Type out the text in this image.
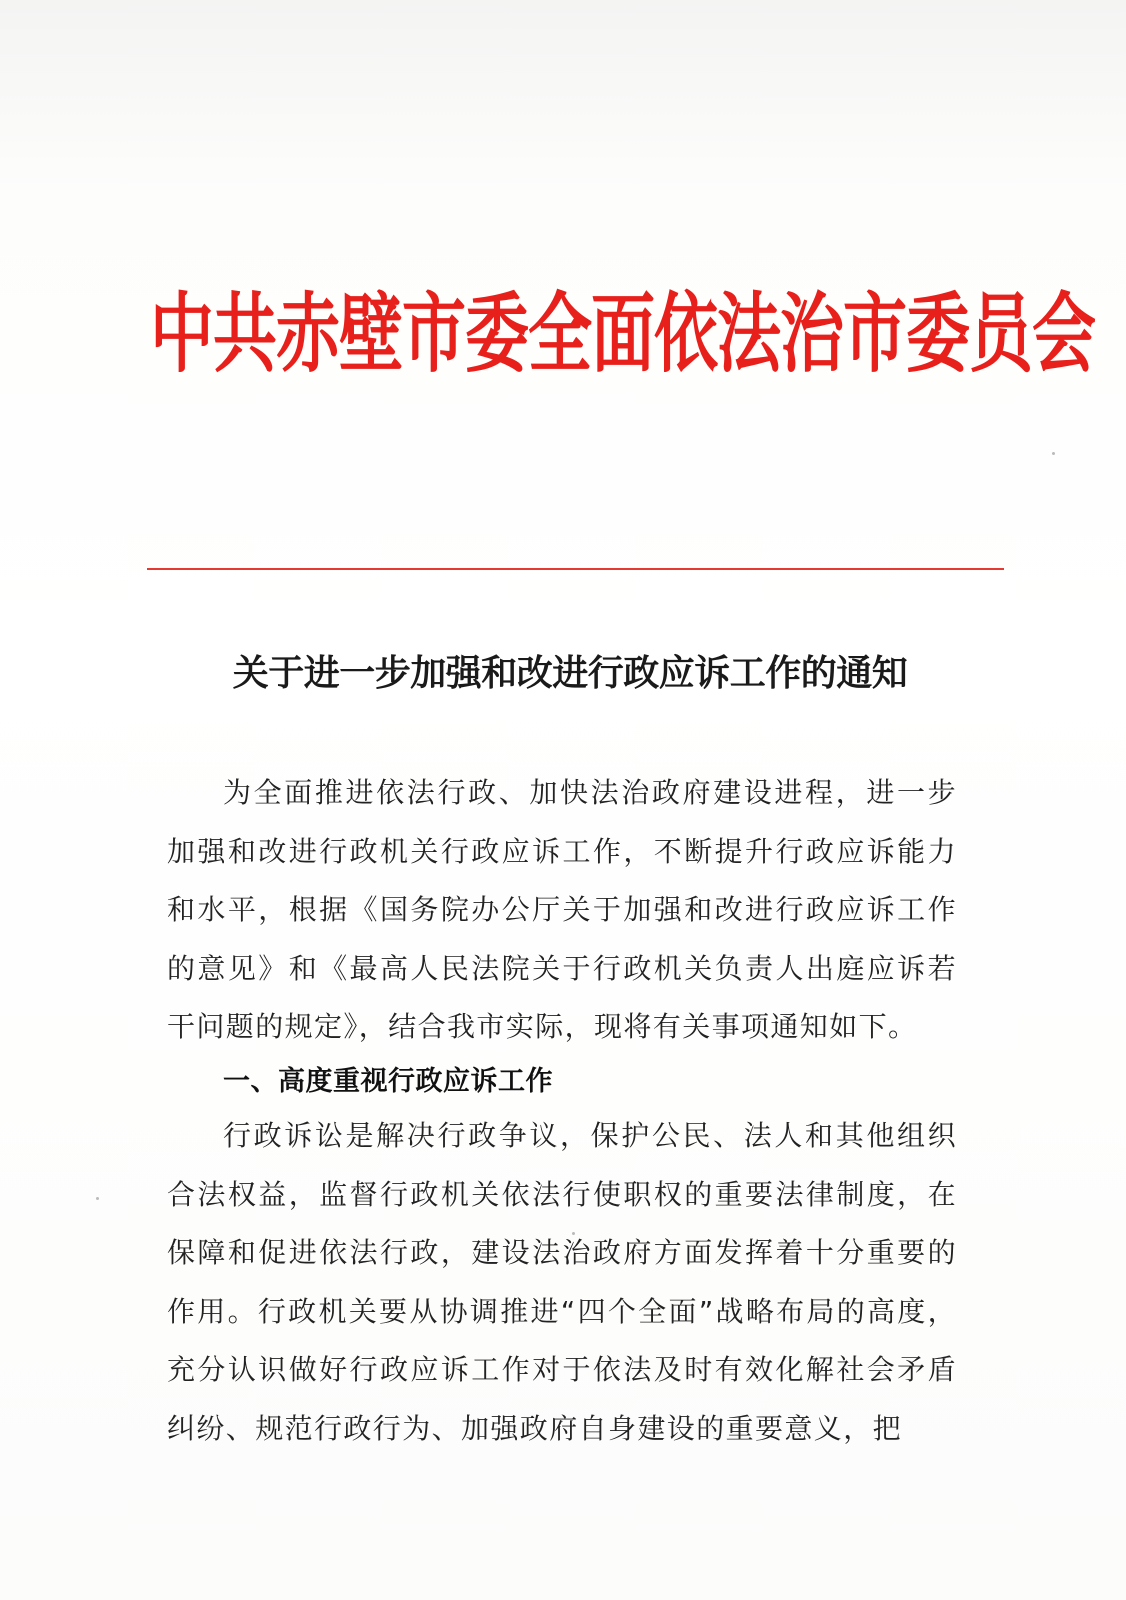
中共赤壁市委全面依法治市委员会
关于进一步加强和改进行政应诉工作的通知

为全面推进依法行政、加快法治政府建设进程，进一步加强和改进行政机关行政应诉工作，不断提升行政应诉能力和水平，根据《国务院办公厅关于加强和改进行政应诉工作的意见》和《最高人民法院关于行政机关负责人出庭应诉若干问题的规定》，结合我市实际，现将有关事项通知如下。

一、高度重视行政应诉工作

行政诉讼是解决行政争议，保护公民、法人和其他组织合法权益，监督行政机关依法行使职权的重要法律制度，在保障和促进依法行政，建设法治政府方面发挥着十分重要的作用。行政机关要从协调推进“四个全面”战略布局的高度，充分认识做好行政应诉工作对于依法及时有效化解社会矛盾纠纷、规范行政行为、加强政府自身建设的重要意义，把
